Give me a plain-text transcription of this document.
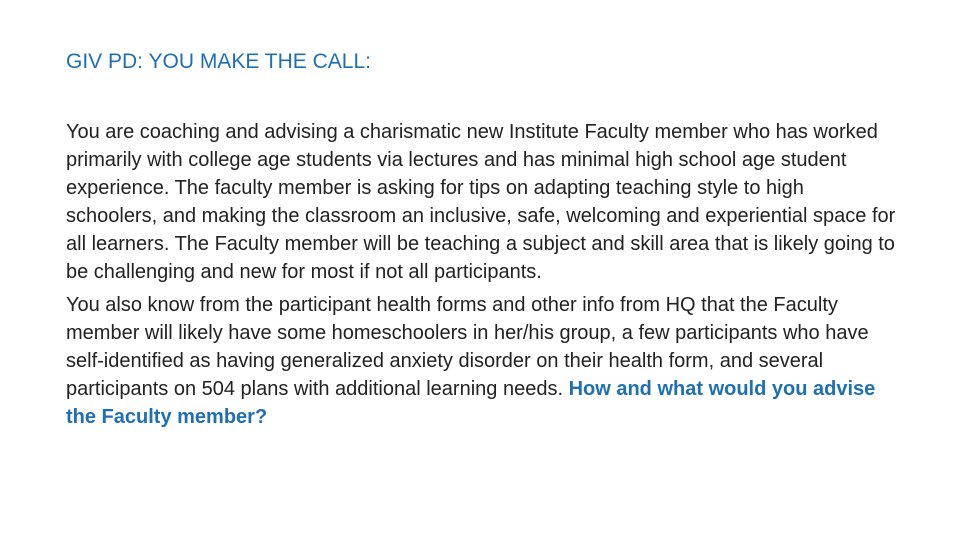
GIV PD: YOU MAKE THE CALL:

You are coaching and advising a charismatic new Institute Faculty member who has worked primarily with college age students via lectures and has minimal high school age student experience. The faculty member is asking for tips on adapting teaching style to high schoolers, and making the classroom an inclusive, safe, welcoming and experiential space for all learners. The Faculty member will be teaching a subject and skill area that is likely going to be challenging and new for most if not all participants.

You also know from the participant health forms and other info from HQ that the Faculty member will likely have some homeschoolers in her/his group, a few participants who have self-identified as having generalized anxiety disorder on their health form, and several participants on 504 plans with additional learning needs. How and what would you advise the Faculty member?
